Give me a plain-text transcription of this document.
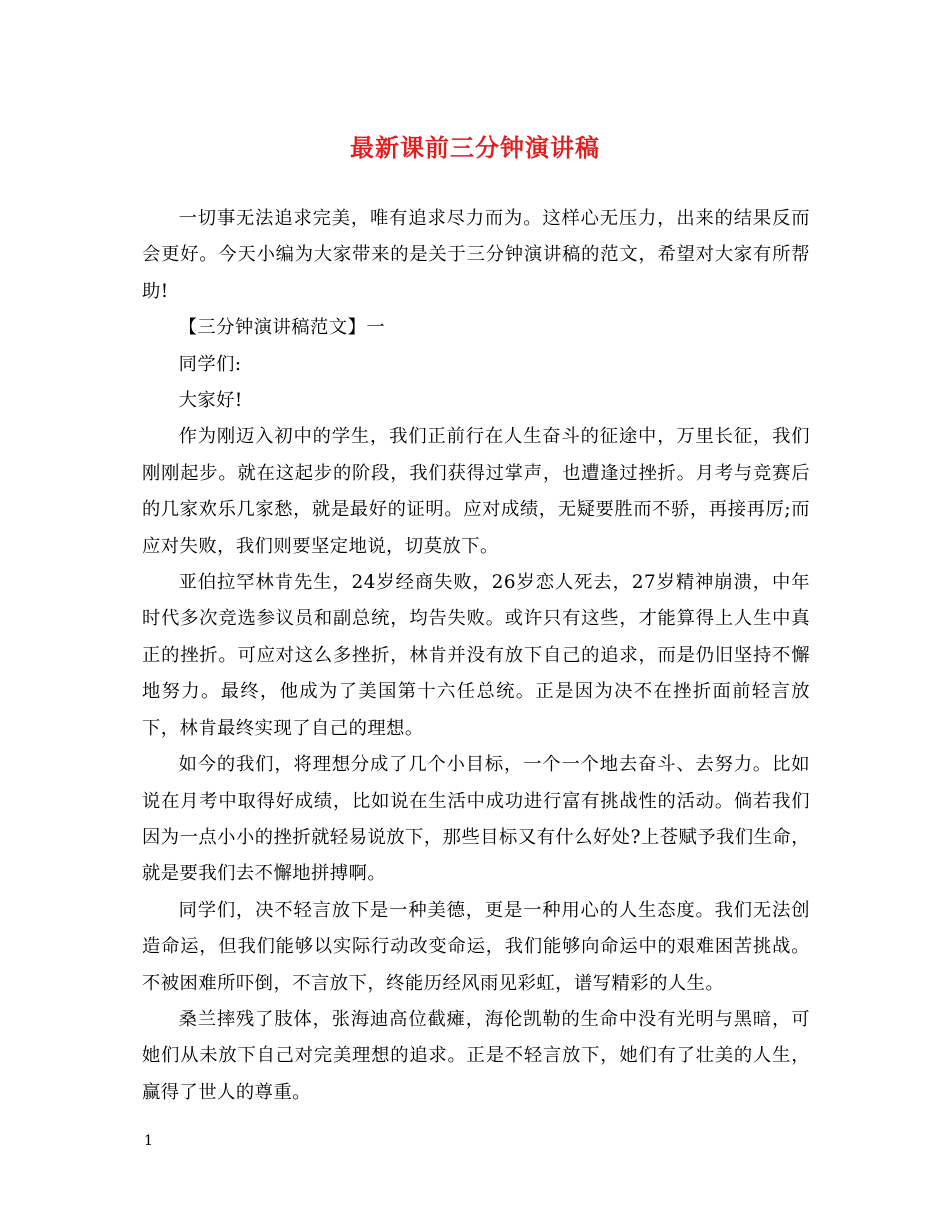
最新课前三分钟演讲稿

一切事无法追求完美，唯有追求尽力而为。这样心无压力，出来的结果反而会更好。今天小编为大家带来的是关于三分钟演讲稿的范文，希望对大家有所帮助!

【三分钟演讲稿范文】一

同学们:

大家好!

作为刚迈入初中的学生，我们正前行在人生奋斗的征途中，万里长征，我们刚刚起步。就在这起步的阶段，我们获得过掌声，也遭逢过挫折。月考与竞赛后的几家欢乐几家愁，就是最好的证明。应对成绩，无疑要胜而不骄，再接再厉;而应对失败，我们则要坚定地说，切莫放下。

亚伯拉罕林肯先生，24岁经商失败，26岁恋人死去，27岁精神崩溃，中年时代多次竞选参议员和副总统，均告失败。或许只有这些，才能算得上人生中真正的挫折。可应对这么多挫折，林肯并没有放下自己的追求，而是仍旧坚持不懈地努力。最终，他成为了美国第十六任总统。正是因为决不在挫折面前轻言放下，林肯最终实现了自己的理想。

如今的我们，将理想分成了几个小目标，一个一个地去奋斗、去努力。比如说在月考中取得好成绩，比如说在生活中成功进行富有挑战性的活动。倘若我们因为一点小小的挫折就轻易说放下，那些目标又有什么好处?上苍赋予我们生命，就是要我们去不懈地拼搏啊。

同学们，决不轻言放下是一种美德，更是一种用心的人生态度。我们无法创造命运，但我们能够以实际行动改变命运，我们能够向命运中的艰难困苦挑战。不被困难所吓倒，不言放下，终能历经风雨见彩虹，谱写精彩的人生。

桑兰摔残了肢体，张海迪高位截瘫，海伦凯勒的生命中没有光明与黑暗，可她们从未放下自己对完美理想的追求。正是不轻言放下，她们有了壮美的人生，赢得了世人的尊重。

1
